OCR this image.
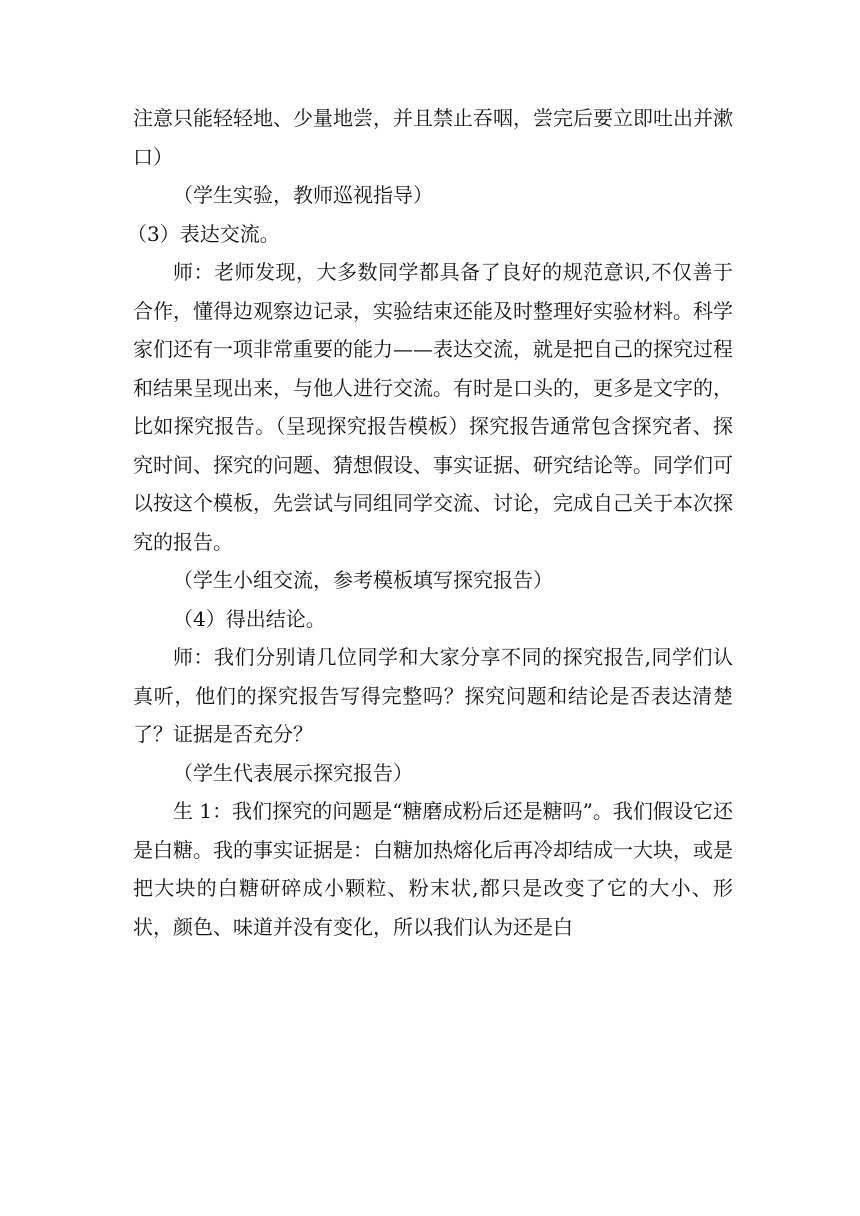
注意只能轻轻地、少量地尝，并且禁止吞咽，尝完后要立即吐出并漱口）

（学生实验，教师巡视指导）

（3）表达交流。

师：老师发现，大多数同学都具备了良好的规范意识,不仅善于合作，懂得边观察边记录，实验结束还能及时整理好实验材料。科学家们还有一项非常重要的能力——表达交流，就是把自己的探究过程和结果呈现出来，与他人进行交流。有时是口头的，更多是文字的，比如探究报告。（呈现探究报告模板）探究报告通常包含探究者、探究时间、探究的问题、猜想假设、事实证据、研究结论等。同学们可以按这个模板，先尝试与同组同学交流、讨论，完成自己关于本次探究的报告。

（学生小组交流，参考模板填写探究报告）

（4）得出结论。

师：我们分别请几位同学和大家分享不同的探究报告,同学们认真听，他们的探究报告写得完整吗？探究问题和结论是否表达清楚了？证据是否充分？

（学生代表展示探究报告）

生 1：我们探究的问题是“糖磨成粉后还是糖吗”。我们假设它还是白糖。我的事实证据是：白糖加热熔化后再冷却结成一大块，或是把大块的白糖研碎成小颗粒、粉末状,都只是改变了它的大小、形状，颜色、味道并没有变化，所以我们认为还是白
